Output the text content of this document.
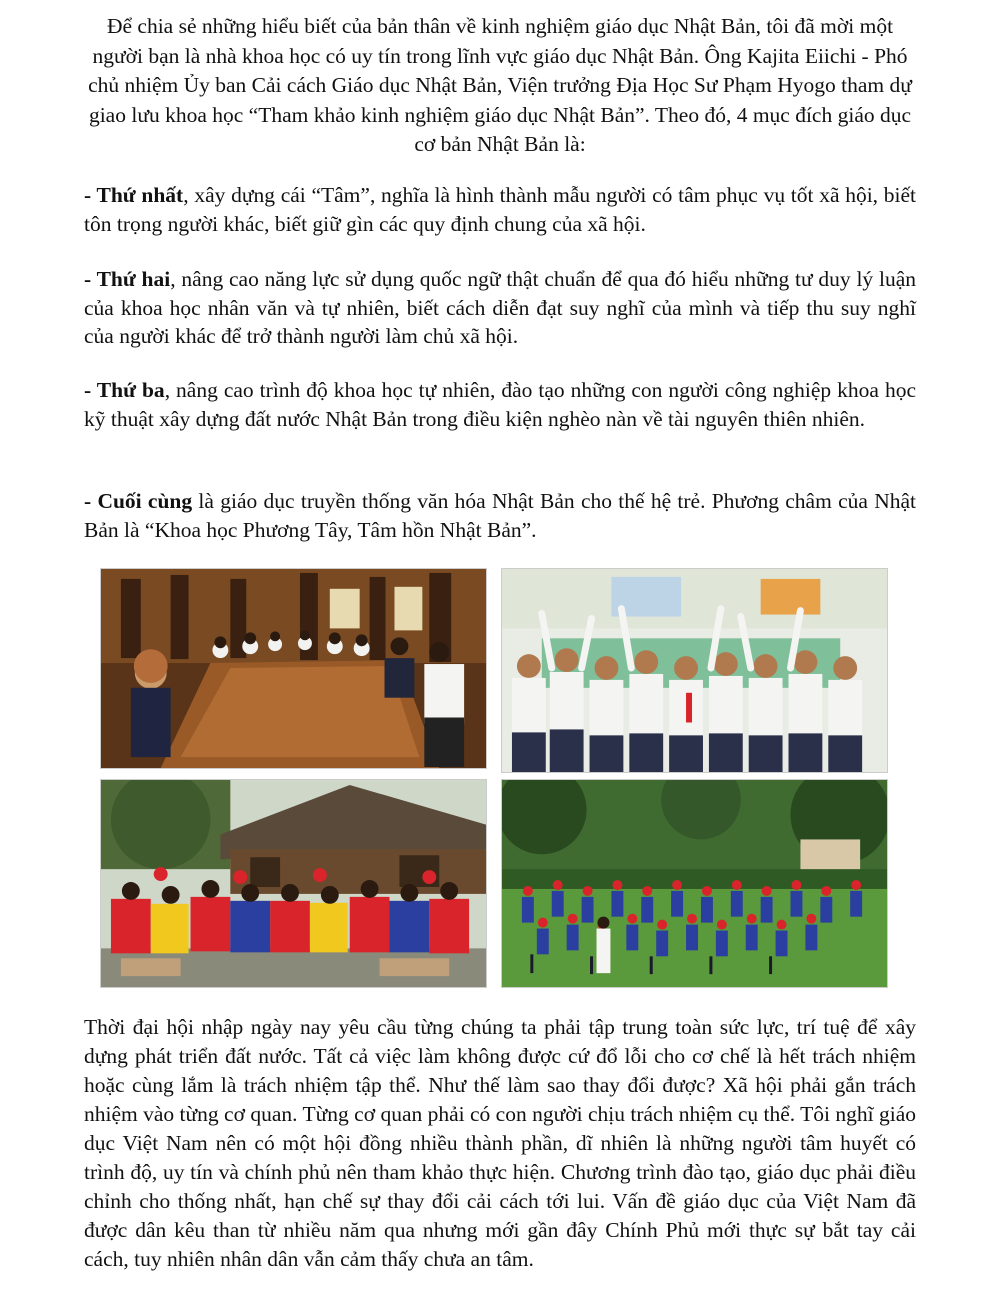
Để chia sẻ những hiểu biết của bản thân về kinh nghiệm giáo dục Nhật Bản, tôi đã mời một người bạn là nhà khoa học có uy tín trong lĩnh vực giáo dục Nhật Bản. Ông Kajita Eiichi - Phó chủ nhiệm Ủy ban Cải cách Giáo dục Nhật Bản, Viện trưởng Địa Học Sư Phạm Hyogo tham dự giao lưu khoa học “Tham khảo kinh nghiệm giáo dục Nhật Bản”. Theo đó, 4 mục đích giáo dục cơ bản Nhật Bản là:

- Thứ nhất, xây dựng cái “Tâm”, nghĩa là hình thành mẫu người có tâm phục vụ tốt xã hội, biết tôn trọng người khác, biết giữ gìn các quy định chung của xã hội.

- Thứ hai, nâng cao năng lực sử dụng quốc ngữ thật chuẩn để qua đó hiểu những tư duy lý luận của khoa học nhân văn và tự nhiên, biết cách diễn đạt suy nghĩ của mình và tiếp thu suy nghĩ của người khác để trở thành người làm chủ xã hội.

- Thứ ba, nâng cao trình độ khoa học tự nhiên, đào tạo những con người công nghiệp khoa học kỹ thuật xây dựng đất nước Nhật Bản trong điều kiện nghèo nàn về tài nguyên thiên nhiên.

- Cuối cùng là giáo dục truyền thống văn hóa Nhật Bản cho thế hệ trẻ. Phương châm của Nhật Bản là “Khoa học Phương Tây, Tâm hồn Nhật Bản”.

Thời đại hội nhập ngày nay yêu cầu từng chúng ta phải tập trung toàn sức lực, trí tuệ để xây dựng phát triển đất nước. Tất cả việc làm không được cứ đổ lỗi cho cơ chế là hết trách nhiệm hoặc cùng lắm là trách nhiệm tập thể. Như thế làm sao thay đổi được? Xã hội phải gắn trách nhiệm vào từng cơ quan. Từng cơ quan phải có con người chịu trách nhiệm cụ thể. Tôi nghĩ giáo dục Việt Nam nên có một hội đồng nhiều thành phần, dĩ nhiên là những người tâm huyết có trình độ, uy tín và chính phủ nên tham khảo thực hiện. Chương trình đào tạo, giáo dục phải điều chỉnh cho thống nhất, hạn chế sự thay đổi cải cách tới lui. Vấn đề giáo dục của Việt Nam đã được dân kêu than từ nhiều năm qua nhưng mới gần đây Chính Phủ mới thực sự bắt tay cải cách, tuy nhiên nhân dân vẫn cảm thấy chưa an tâm.
